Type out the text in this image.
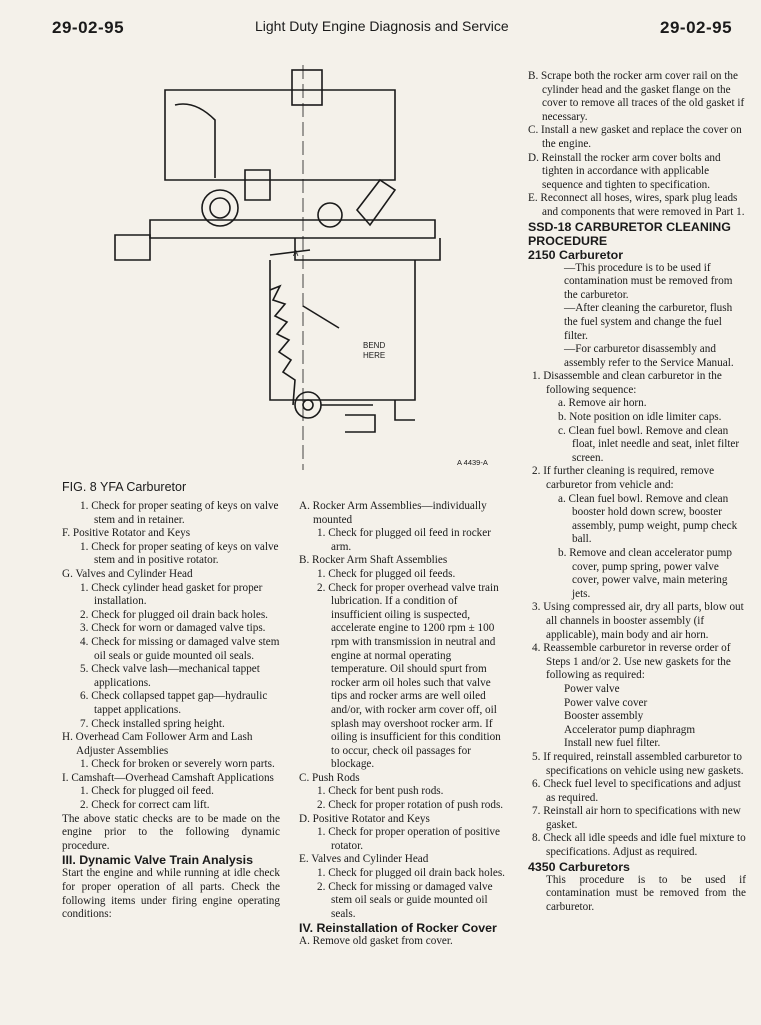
29-02-95	Light Duty Engine Diagnosis and Service	29-02-95
A
BEND
HERE
A 4439-A
FIG. 8 YFA Carburetor

1. Check for proper seating of keys on valve stem and in retainer.

F. Positive Rotator and Keys

1. Check for proper seating of keys on valve stem and in positive rotator.

G. Valves and Cylinder Head

1. Check cylinder head gasket for proper installation.

2. Check for plugged oil drain back holes.

3. Check for worn or damaged valve tips.

4. Check for missing or damaged valve stem oil seals or guide mounted oil seals.

5. Check valve lash—mechanical tappet applications.

6. Check collapsed tappet gap—hydraulic tappet applications.

7. Check installed spring height.

H. Overhead Cam Follower Arm and Lash Adjuster Assemblies

1. Check for broken or severely worn parts.

I. Camshaft—Overhead Camshaft Applications

1. Check for plugged oil feed.

2. Check for correct cam lift.

The above static checks are to be made on the engine prior to the following dynamic procedure.

III. Dynamic Valve Train Analysis

Start the engine and while running at idle check for proper operation of all parts. Check the following items under firing engine operating conditions:

A. Rocker Arm Assemblies—individually mounted

1. Check for plugged oil feed in rocker arm.

B. Rocker Arm Shaft Assemblies

1. Check for plugged oil feeds.

2. Check for proper overhead valve train lubrication. If a condition of insufficient oiling is suspected, accelerate engine to 1200 rpm ± 100 rpm with transmission in neutral and engine at normal operating temperature. Oil should spurt from rocker arm oil holes such that valve tips and rocker arms are well oiled and/or, with rocker arm cover off, oil splash may overshoot rocker arm. If oiling is insufficient for this condition to occur, check oil passages for blockage.

C. Push Rods

1. Check for bent push rods.

2. Check for proper rotation of push rods.

D. Positive Rotator and Keys

1. Check for proper operation of positive rotator.

E. Valves and Cylinder Head

1. Check for plugged oil drain back holes.

2. Check for missing or damaged valve stem oil seals or guide mounted oil seals.

IV. Reinstallation of Rocker Cover

A. Remove old gasket from cover.

B. Scrape both the rocker arm cover rail on the cylinder head and the gasket flange on the cover to remove all traces of the old gasket if necessary.

C. Install a new gasket and replace the cover on the engine.

D. Reinstall the rocker arm cover bolts and tighten in accordance with applicable sequence and tighten to specification.

E. Reconnect all hoses, wires, spark plug leads and components that were removed in Part 1.

SSD-18 CARBURETOR CLEANING PROCEDURE

2150 Carburetor

—This procedure is to be used if contamination must be removed from the carburetor.

—After cleaning the carburetor, flush the fuel system and change the fuel filter.

—For carburetor disassembly and assembly refer to the Service Manual.

1. Disassemble and clean carburetor in the following sequence:

a. Remove air horn.

b. Note position on idle limiter caps.

c. Clean fuel bowl. Remove and clean float, inlet needle and seat, inlet filter screen.

2. If further cleaning is required, remove carburetor from vehicle and:

a. Clean fuel bowl. Remove and clean booster hold down screw, booster assembly, pump weight, pump check ball.

b. Remove and clean accelerator pump cover, pump spring, power valve cover, power valve, main metering jets.

3. Using compressed air, dry all parts, blow out all channels in booster assembly (if applicable), main body and air horn.

4. Reassemble carburetor in reverse order of Steps 1 and/or 2. Use new gaskets for the following as required:

Power valve

Power valve cover

Booster assembly

Accelerator pump diaphragm

Install new fuel filter.

5. If required, reinstall assembled carburetor to specifications on vehicle using new gaskets.

6. Check fuel level to specifications and adjust as required.

7. Reinstall air horn to specifications with new gasket.

8. Check all idle speeds and idle fuel mixture to specifications. Adjust as required.

4350 Carburetors

This procedure is to be used if contamination must be removed from the carburetor.
